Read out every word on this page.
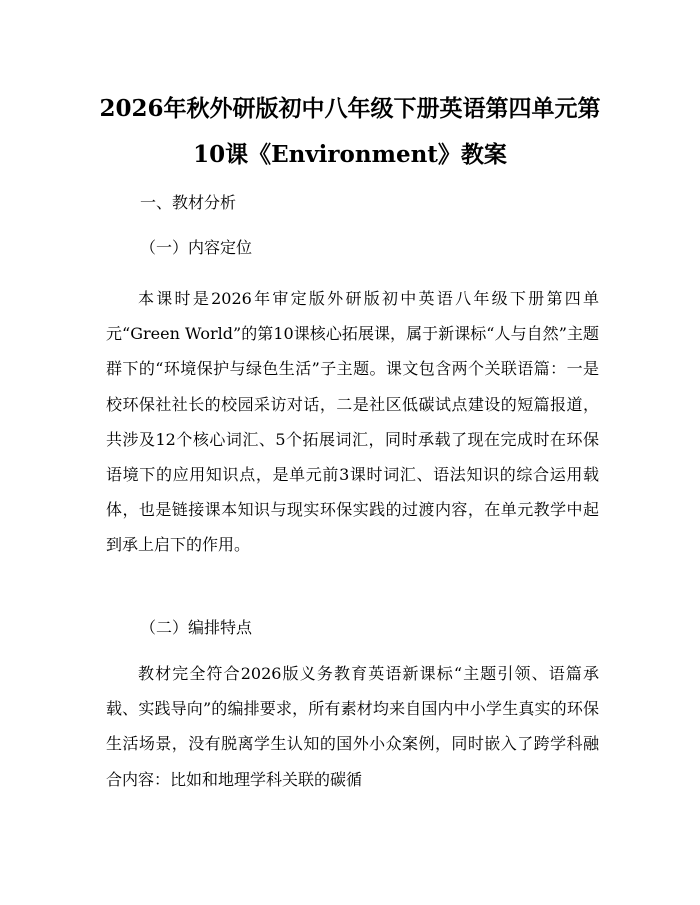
2026年秋外研版初中八年级下册英语第四单元第10课《Environment》教案

一、教材分析

（一）内容定位

本课时是2026年审定版外研版初中英语八年级下册第四单元“Green World”的第10课核心拓展课，属于新课标“人与自然”主题群下的“环境保护与绿色生活”子主题。课文包含两个关联语篇：一是校环保社社长的校园采访对话，二是社区低碳试点建设的短篇报道，共涉及12个核心词汇、5个拓展词汇，同时承载了现在完成时在环保语境下的应用知识点，是单元前3课时词汇、语法知识的综合运用载体，也是链接课本知识与现实环保实践的过渡内容，在单元教学中起到承上启下的作用。

（二）编排特点

教材完全符合2026版义务教育英语新课标“主题引领、语篇承载、实践导向”的编排要求，所有素材均来自国内中小学生真实的环保生活场景，没有脱离学生认知的国外小众案例，同时嵌入了跨学科融合内容：比如和地理学科关联的碳循
